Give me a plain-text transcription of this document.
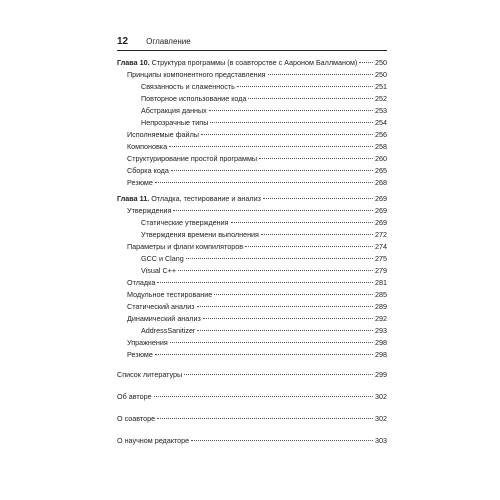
12 Оглавление
Глава 10. Структура программы (в соавторстве с Аароном Баллманом) 250
Принципы компонентного представления	250
Связанность и слаженность	251
Повторное использование кода	252
Абстракция данных	253
Непрозрачные типы	254
Исполняемые файлы	256
Компоновка	258
Структурирование простой программы	260
Сборка кода	265
Резюме	268
Глава 11. Отладка, тестирование и анализ	269
Утверждения	269
Статические утверждения	269
Утверждения времени выполнения	272
Параметры и флаги компиляторов	274
GCC и Clang	275
Visual C++	279
Отладка	281
Модульное тестирование	285
Статический анализ	289
Динамический анализ	292
AddressSanitizer	293
Упражнения	298
Резюме	298
Список литературы	299
Об авторе	302
О соавторе	302
О научном редакторе	303
